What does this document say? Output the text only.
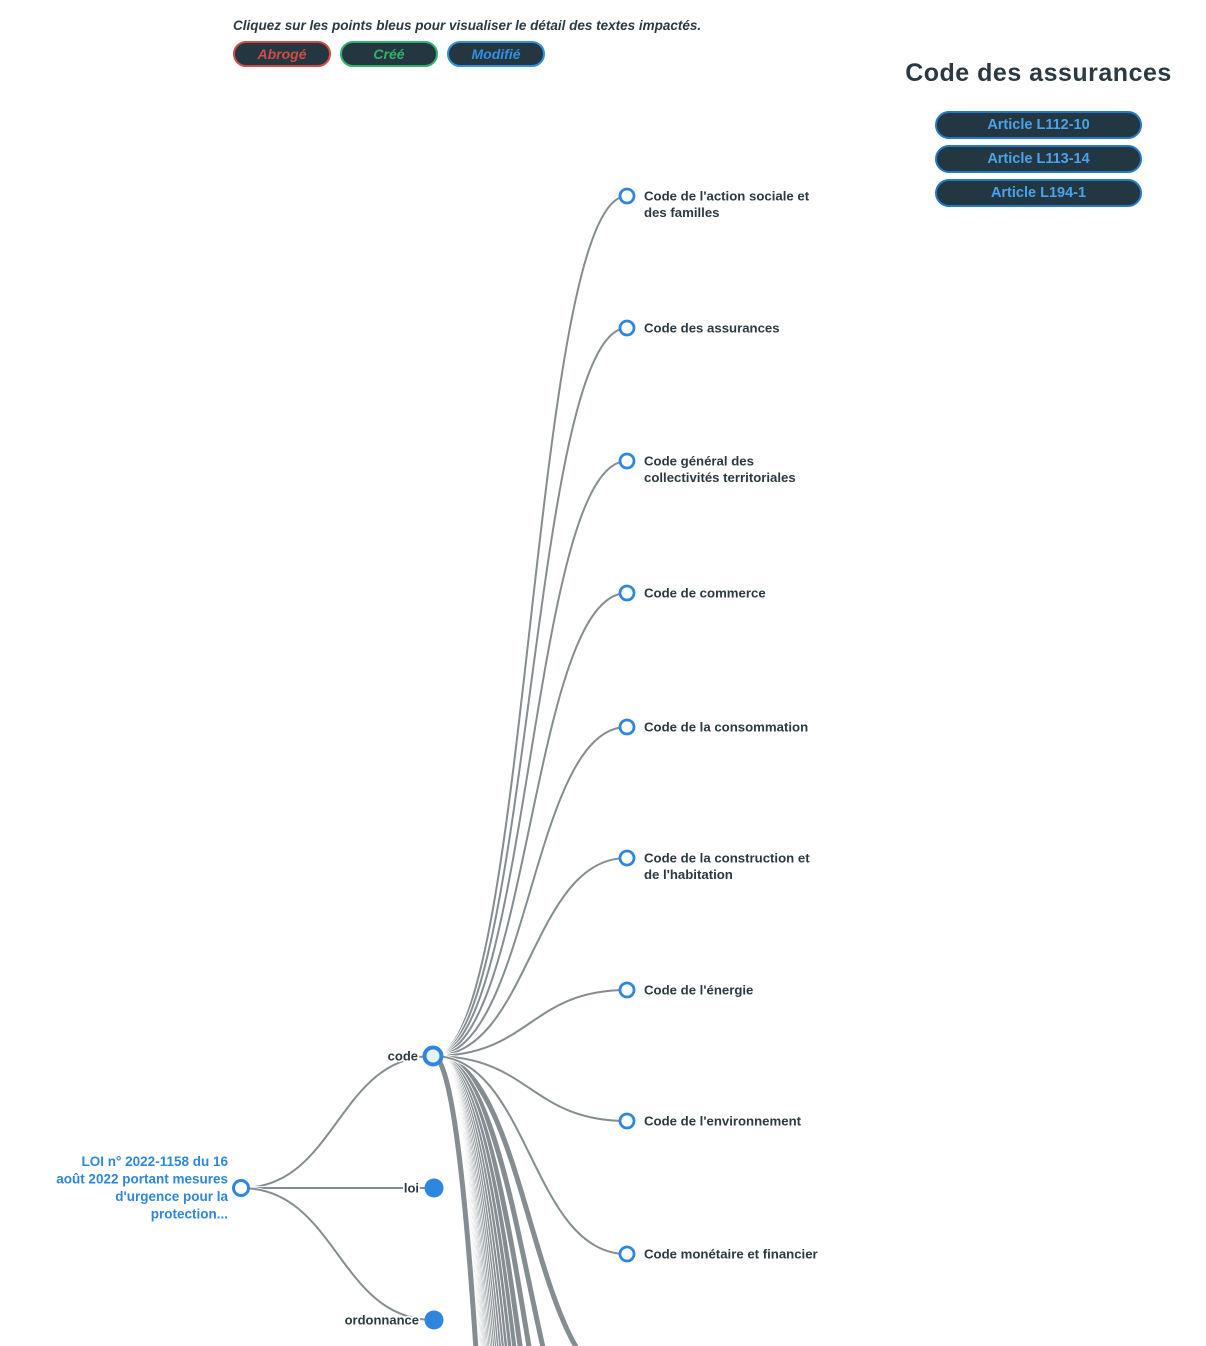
LOI n° 2022-1158 du 16 août 2022 portant mesures d'urgence pour la protection...
code
loi
ordonnance
Code de l'action sociale et des familles
Code des assurances
Code général des collectivités territoriales
Code de commerce
Code de la consommation
Code de la construction et de l'habitation
Code de l'énergie
Code de l'environnement
Code monétaire et financier
Cliquez sur les points bleus pour visualiser le détail des textes impactés.
Abrogé	Créé	Modifié
Code des assurances
Article L112-10
Article L113-14
Article L194-1
